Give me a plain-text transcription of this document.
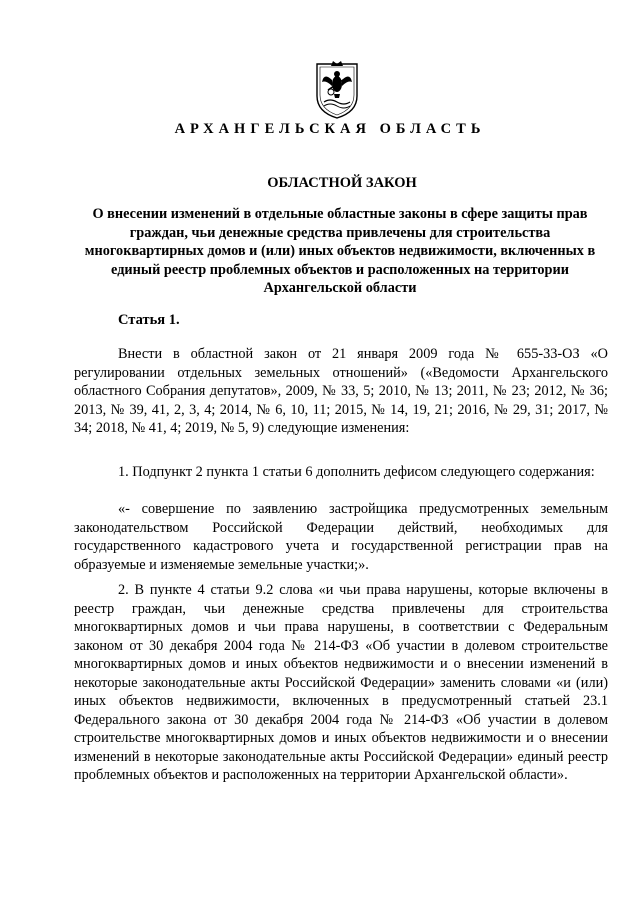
АРХАНГЕЛЬСКАЯ ОБЛАСТЬ
ОБЛАСТНОЙ ЗАКОН
О внесении изменений в отдельные областные законы в сфере защиты прав граждан, чьи денежные средства привлечены для строительства многоквартирных домов и (или) иных объектов недвижимости, включенных в единый реестр проблемных объектов и расположенных на территории Архангельской области
Статья 1.
Внести в областной закон от 21 января 2009 года № 655-33-ОЗ «О регулировании отдельных земельных отношений» («Ведомости Архангельского областного Собрания депутатов», 2009, № 33, 5; 2010, № 13; 2011, № 23; 2012, № 36; 2013, № 39, 41, 2, 3, 4; 2014, № 6, 10, 11; 2015, № 14, 19, 21; 2016, № 29, 31; 2017, № 34; 2018, № 41, 4; 2019, № 5, 9) следующие изменения:
1. Подпункт 2 пункта 1 статьи 6 дополнить дефисом следующего содержания:
«- совершение по заявлению застройщика предусмотренных земельным законодательством Российской Федерации действий, необходимых для государственного кадастрового учета и государственной регистрации прав на образуемые и изменяемые земельные участки;».
2. В пункте 4 статьи 9.2 слова «и чьи права нарушены, которые включены в реестр граждан, чьи денежные средства привлечены для строительства многоквартирных домов и чьи права нарушены, в соответствии с Федеральным законом от 30 декабря 2004 года № 214-ФЗ «Об участии в долевом строительстве многоквартирных домов и иных объектов недвижимости и о внесении изменений в некоторые законодательные акты Российской Федерации» заменить словами «и (или) иных объектов недвижимости, включенных в предусмотренный статьей 23.1 Федерального закона от 30 декабря 2004 года № 214-ФЗ «Об участии в долевом строительстве многоквартирных домов и иных объектов недвижимости и о внесении изменений в некоторые законодательные акты Российской Федерации» единый реестр проблемных объектов и расположенных на территории Архангельской области».
